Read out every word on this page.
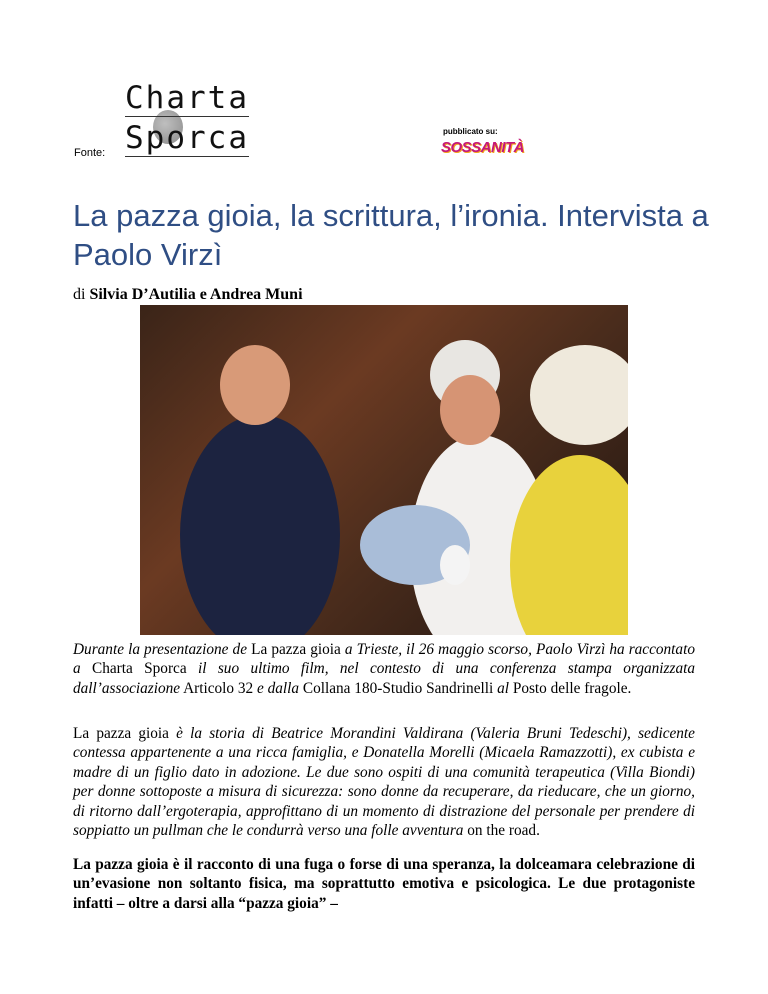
Fonte:
Charta
Sporca	pubblicato su:
SOSSANITÀ
La pazza gioia, la scrittura, l’ironia. Intervista a Paolo Virzì
di Silvia D’Autilia e Andrea Muni

Durante la presentazione de La pazza gioia a Trieste, il 26 maggio scorso, Paolo Virzì ha raccontato a Charta Sporca il suo ultimo film, nel contesto di una conferenza stampa organizzata dall’associazione Articolo 32 e dalla Collana 180-Studio Sandrinelli al Posto delle fragole.

La pazza gioia è la storia di Beatrice Morandini Valdirana (Valeria Bruni Tedeschi), sedicente contessa appartenente a una ricca famiglia, e Donatella Morelli (Micaela Ramazzotti), ex cubista e madre di un figlio dato in adozione. Le due sono ospiti di una comunità terapeutica (Villa Biondi) per donne sottoposte a misura di sicurezza: sono donne da recuperare, da rieducare, che un giorno, di ritorno dall’ergoterapia, approfittano di un momento di distrazione del personale per prendere di soppiatto un pullman che le condurrà verso una folle avventura on the road.

La pazza gioia è il racconto di una fuga o forse di una speranza, la dolceamara celebrazione di un’evasione non soltanto fisica, ma soprattutto emotiva e psicologica. Le due protagoniste infatti – oltre a darsi alla “pazza gioia” –
